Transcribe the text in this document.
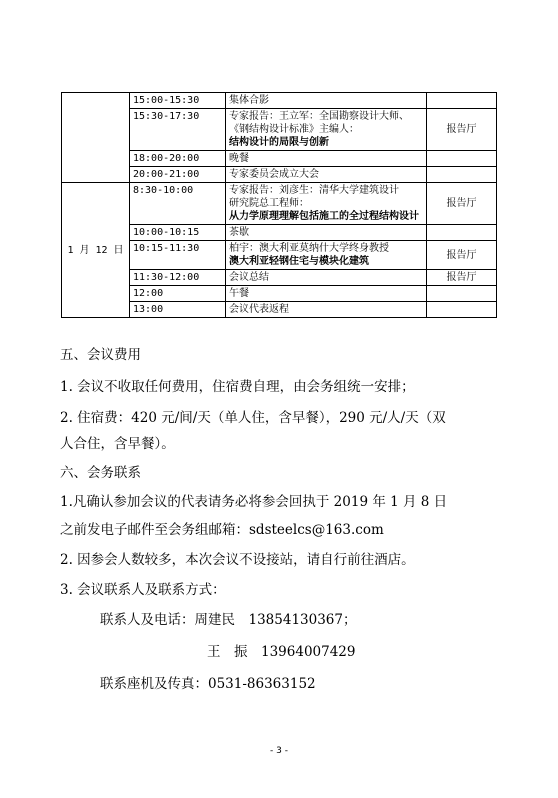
	15:00-15:30	集体合影	
	15:30-17:30	专家报告：王立军：全国勘察设计大师、
《钢结构设计标准》主编人：
结构设计的局限与创新	报告厅
	18:00-20:00	晚餐	
	20:00-21:00	专家委员会成立大会	
1 月 12 日	8:30-10:00	专家报告：刘彦生：清华大学建筑设计
研究院总工程师：
从力学原理理解包括施工的全过程结构设计	报告厅
	10:00-10:15	茶歇	
	10:15-11:30	柏宇：澳大利亚莫纳什大学终身教授
澳大利亚轻钢住宅与模块化建筑	报告厅
	11:30-12:00	会议总结	报告厅
	12:00	午餐	
	13:00	会议代表返程	
五、会议费用
1. 会议不收取任何费用，住宿费自理，由会务组统一安排；
2. 住宿费：420 元/间/天（单人住，含早餐），290 元/人/天（双
人合住，含早餐）。
六、会务联系
1.凡确认参加会议的代表请务必将参会回执于 2019 年 1 月 8 日
之前发电子邮件至会务组邮箱：sdsteelcs@163.com
2. 因参会人数较多，本次会议不设接站，请自行前往酒店。
3. 会议联系人及联系方式：
联系人及电话：周建民　13854130367；
王　振　13964007429
联系座机及传真：0531-86363152
- 3 -
